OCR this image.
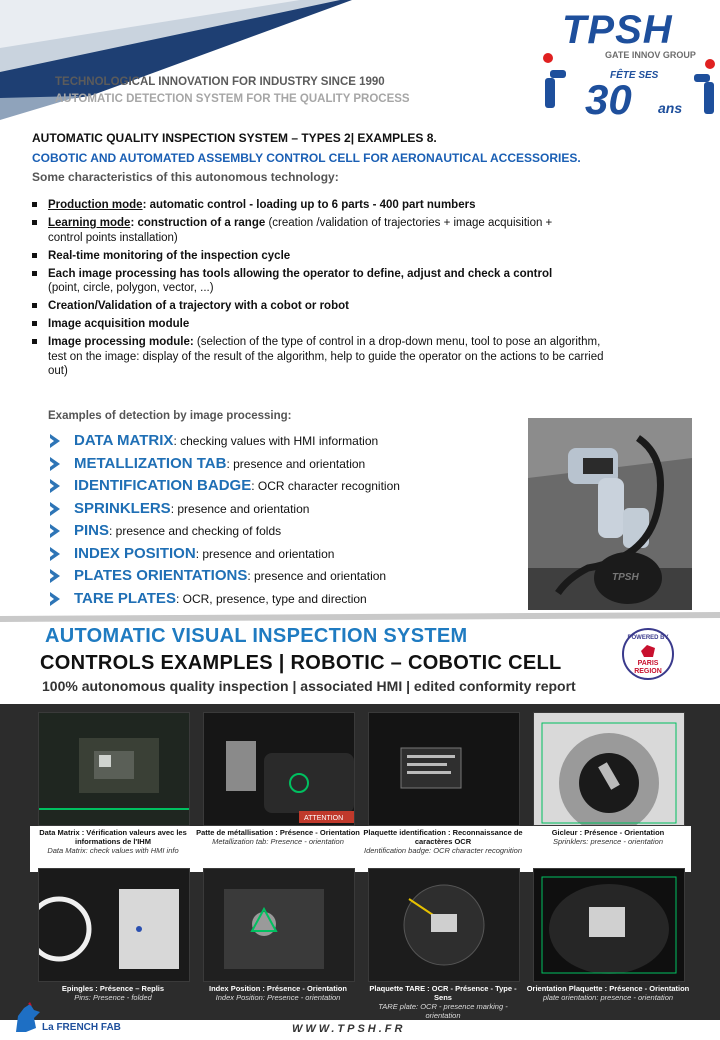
TECHNOLOGICAL INNOVATION FOR INDUSTRY SINCE 1990
AUTOMATIC DETECTION SYSTEM FOR THE QUALITY PROCESS
TPSH
GATE INNOV GROUP
FÊTE SES
30 ans
AUTOMATIC QUALITY INSPECTION SYSTEM – TYPES 2| EXAMPLES 8.
COBOTIC AND AUTOMATED ASSEMBLY CONTROL CELL FOR AERONAUTICAL ACCESSORIES.
Some characteristics of this autonomous technology:
Production mode: automatic control - loading up to 6 parts - 400 part numbers
Learning mode: construction of a range (creation /validation of trajectories + image acquisition +
control points installation)
Real-time monitoring of the inspection cycle
Each image processing has tools allowing the operator to define, adjust and check a control
(point, circle, polygon, vector, ...)
Creation/Validation of a trajectory with a cobot or robot
Image acquisition module
Image processing module: (selection of the type of control in a drop-down menu, tool to pose an algorithm,
test on the image: display of the result of the algorithm, help to guide the operator on the actions to be carried
out)
Examples of detection by image processing:
DATA MATRIX: checking values with HMI information
METALLIZATION TAB: presence and orientation
IDENTIFICATION BADGE: OCR character recognition
SPRINKLERS: presence and orientation
PINS: presence and checking of folds
INDEX POSITION: presence and orientation
PLATES ORIENTATIONS: presence and orientation
TARE PLATES: OCR, presence, type and direction
TPSH
AUTOMATIC VISUAL INSPECTION SYSTEM
CONTROLS EXAMPLES | ROBOTIC – COBOTIC CELL
100% autonomous quality inspection | associated HMI | edited conformity report
POWERED BY
PARIS
REGION
ATTENTION
Data Matrix : Vérification valeurs avec les informations de l'IHM
Data Matrix: check values with HMI info
Patte de métallisation : Présence - Orientation
Metallization tab: Presence - orientation
Plaquette identification : Reconnaissance de caractères OCR
Identification badge: OCR character recognition
Gicleur : Présence - Orientation
Sprinklers: presence - orientation
Epingles : Présence – Replis
Pins: Presence - folded
Index Position : Présence - Orientation
Index Position: Presence - orientation
Plaquette TARE : OCR - Présence - Type - Sens
TARE plate: OCR - presence marking - orientation
Orientation Plaquette : Présence - Orientation
plate orientation: presence - orientation
La FRENCH FAB	WWW.TPSH.FR
